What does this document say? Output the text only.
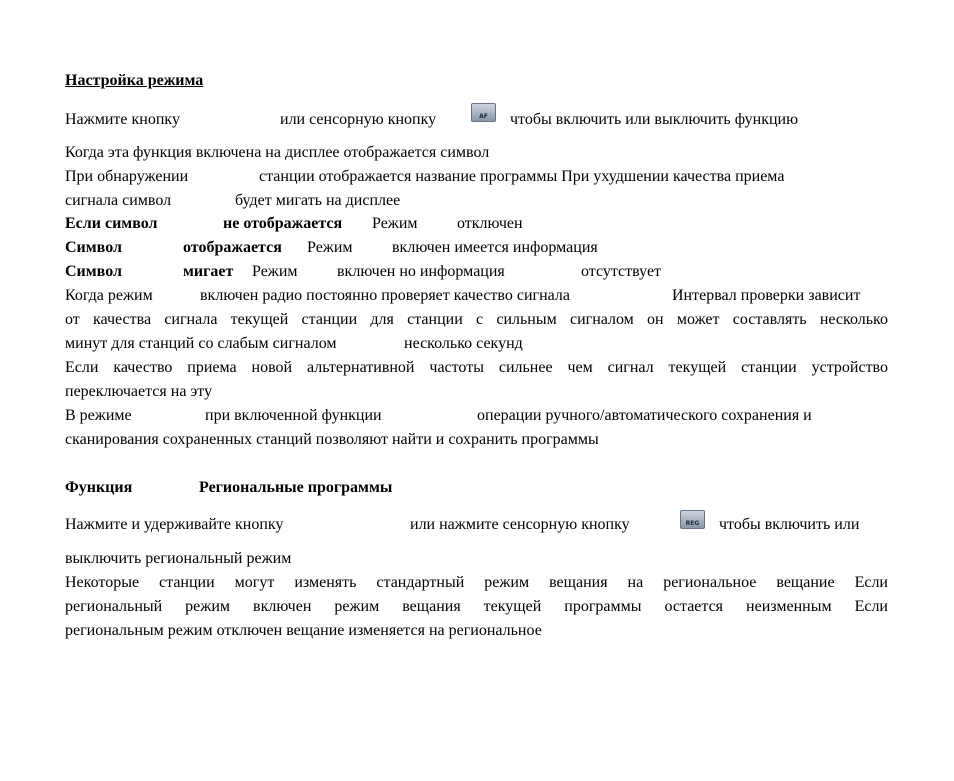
Настройка режима
Нажмите кнопку	или сенсорную кнопку	AF	чтобы включить или выключить функцию
Когда эта функция включена на дисплее отображается символ
При обнаружении	станции отображается название программы При ухудшении качества приема
сигнала символ	будет мигать на дисплее
Если символ	не отображается Режим отключен
Символ	отображается Режим включен имеется информация
Символ	мигает Режим включен но информация	отсутствует
Когда режим	включен радио постоянно проверяет качество сигнала	Интервал проверки зависит
от качества сигнала текущей станции для станции с сильным сигналом он может составлять несколько
минут для станций со слабым сигналом	несколько секунд
Если качество приема новой альтернативной частоты сильнее чем сигнал текущей станции устройство
переключается на эту
В режиме	при включенной функции	операции ручного/автоматического сохранения и
сканирования сохраненных станций позволяют найти и сохранить программы
Функция	Региональные программы
Нажмите и удерживайте кнопку	или нажмите сенсорную кнопку	REG чтобы включить или
выключить региональный режим
Некоторые станции могут изменять стандартный режим вещания на региональное вещание Если
региональный режим включен режим вещания текущей программы остается неизменным Если
региональным режим отключен вещание изменяется на региональное
